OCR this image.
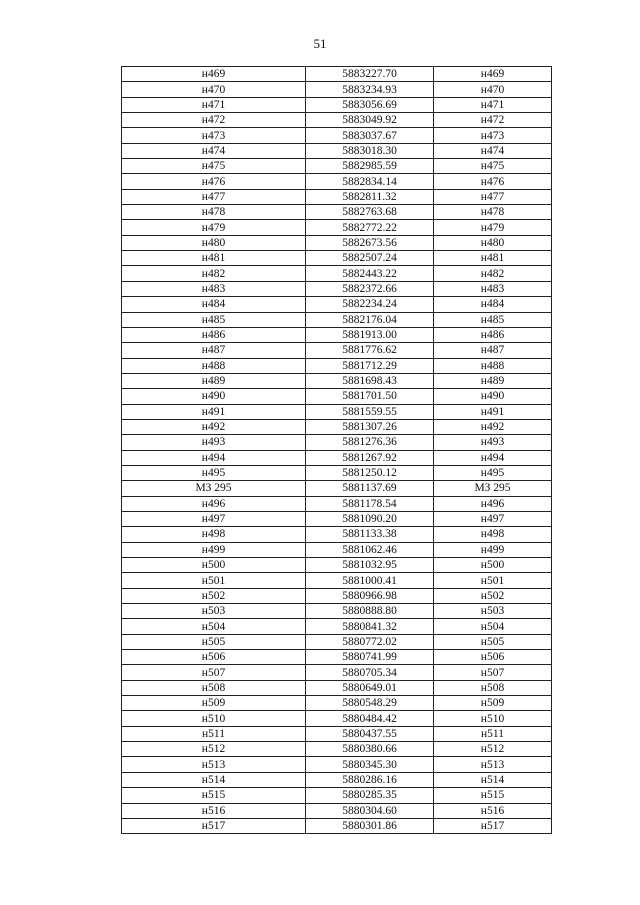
51
н469	5883227.70	н469
н470	5883234.93	н470
н471	5883056.69	н471
н472	5883049.92	н472
н473	5883037.67	н473
н474	5883018.30	н474
н475	5882985.59	н475
н476	5882834.14	н476
н477	5882811.32	н477
н478	5882763.68	н478
н479	5882772.22	н479
н480	5882673.56	н480
н481	5882507.24	н481
н482	5882443.22	н482
н483	5882372.66	н483
н484	5882234.24	н484
н485	5882176.04	н485
н486	5881913.00	н486
н487	5881776.62	н487
н488	5881712.29	н488
н489	5881698.43	н489
н490	5881701.50	н490
н491	5881559.55	н491
н492	5881307.26	н492
н493	5881276.36	н493
н494	5881267.92	н494
н495	5881250.12	н495
МЗ 295	5881137.69	МЗ 295
н496	5881178.54	н496
н497	5881090.20	н497
н498	5881133.38	н498
н499	5881062.46	н499
н500	5881032.95	н500
н501	5881000.41	н501
н502	5880966.98	н502
н503	5880888.80	н503
н504	5880841.32	н504
н505	5880772.02	н505
н506	5880741.99	н506
н507	5880705.34	н507
н508	5880649.01	н508
н509	5880548.29	н509
н510	5880484.42	н510
н511	5880437.55	н511
н512	5880380.66	н512
н513	5880345.30	н513
н514	5880286.16	н514
н515	5880285.35	н515
н516	5880304.60	н516
н517	5880301.86	н517
